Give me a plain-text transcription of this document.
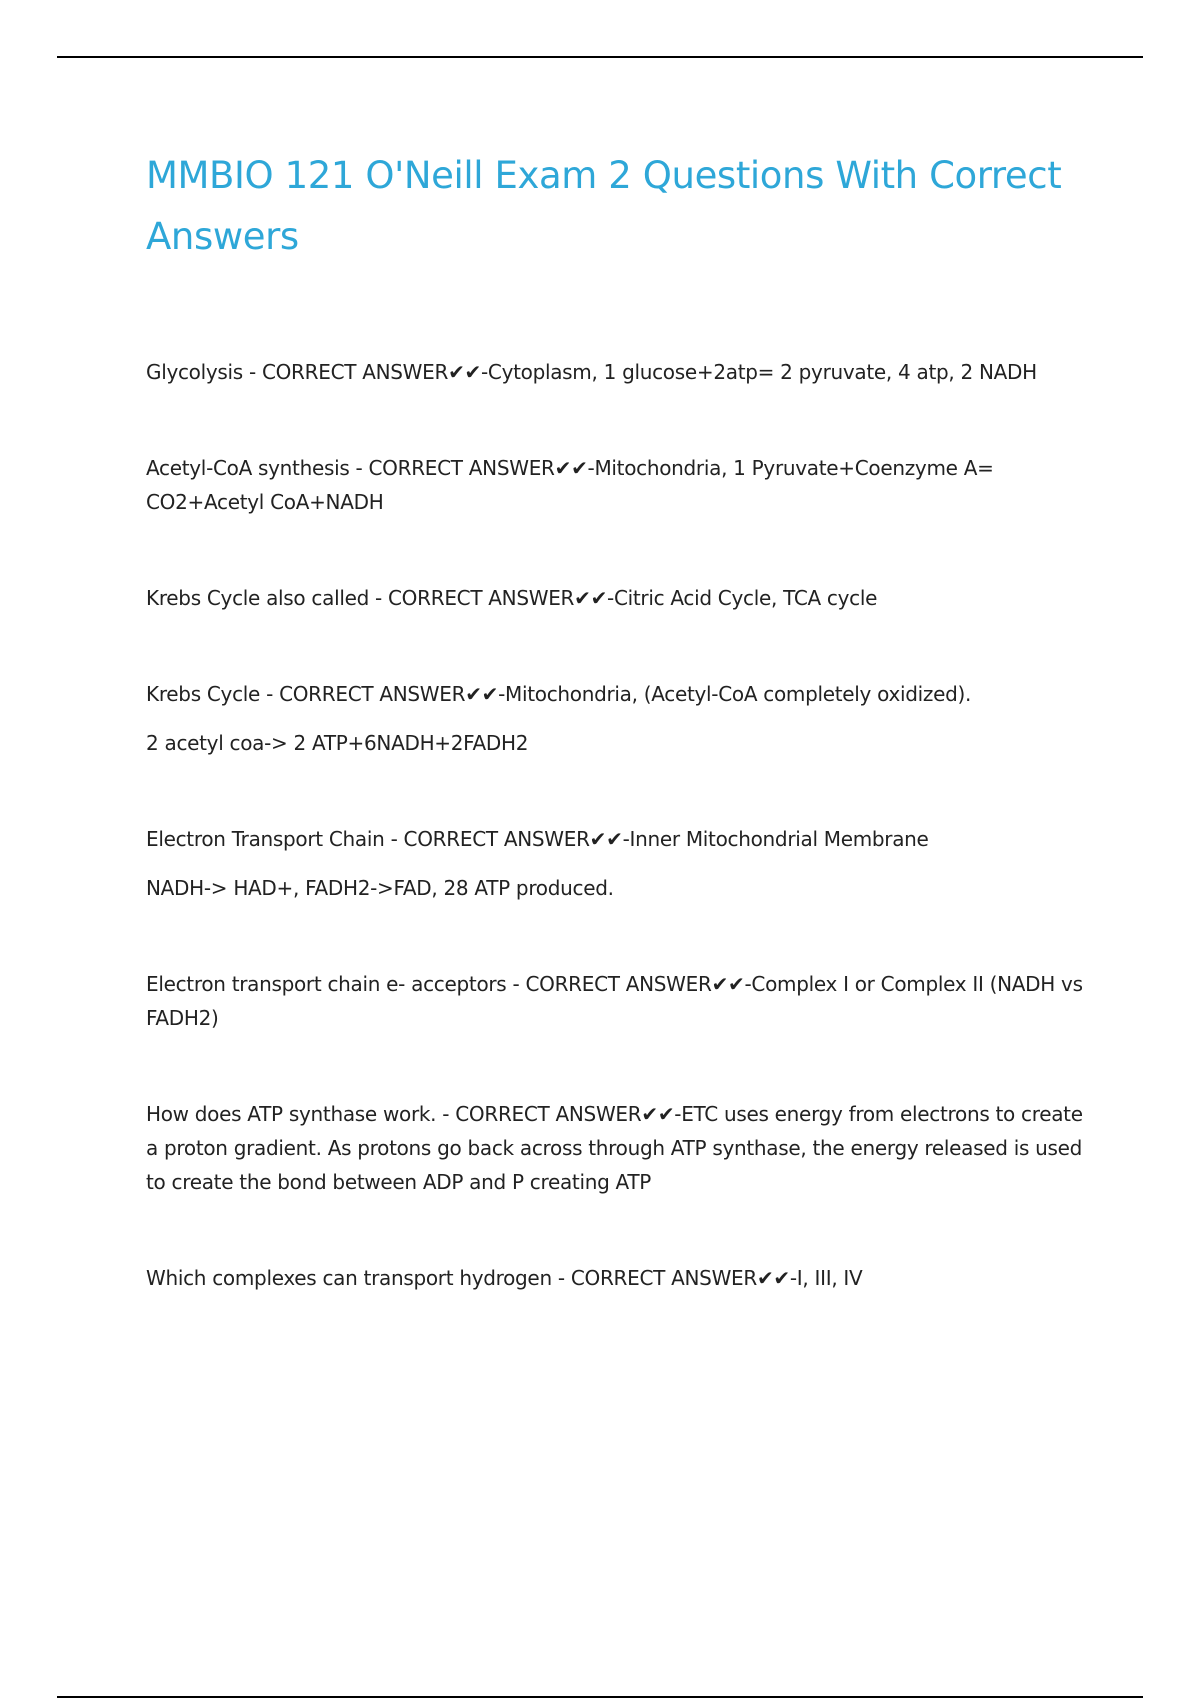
MMBIO 121 O'Neill Exam 2 Questions With Correct Answers
Glycolysis - CORRECT ANSWER✔✔-Cytoplasm, 1 glucose+2atp= 2 pyruvate, 4 atp, 2 NADH
Acetyl-CoA synthesis - CORRECT ANSWER✔✔-Mitochondria, 1 Pyruvate+Coenzyme A= CO2+Acetyl CoA+NADH
Krebs Cycle also called - CORRECT ANSWER✔✔-Citric Acid Cycle, TCA cycle
Krebs Cycle - CORRECT ANSWER✔✔-Mitochondria, (Acetyl-CoA completely oxidized).
2 acetyl coa-> 2 ATP+6NADH+2FADH2
Electron Transport Chain - CORRECT ANSWER✔✔-Inner Mitochondrial Membrane
NADH-> HAD+, FADH2->FAD, 28 ATP produced.
Electron transport chain e- acceptors - CORRECT ANSWER✔✔-Complex I or Complex II (NADH vs FADH2)
How does ATP synthase work. - CORRECT ANSWER✔✔-ETC uses energy from electrons to create a proton gradient. As protons go back across through ATP synthase, the energy released is used to create the bond between ADP and P creating ATP
Which complexes can transport hydrogen - CORRECT ANSWER✔✔-I, III, IV
